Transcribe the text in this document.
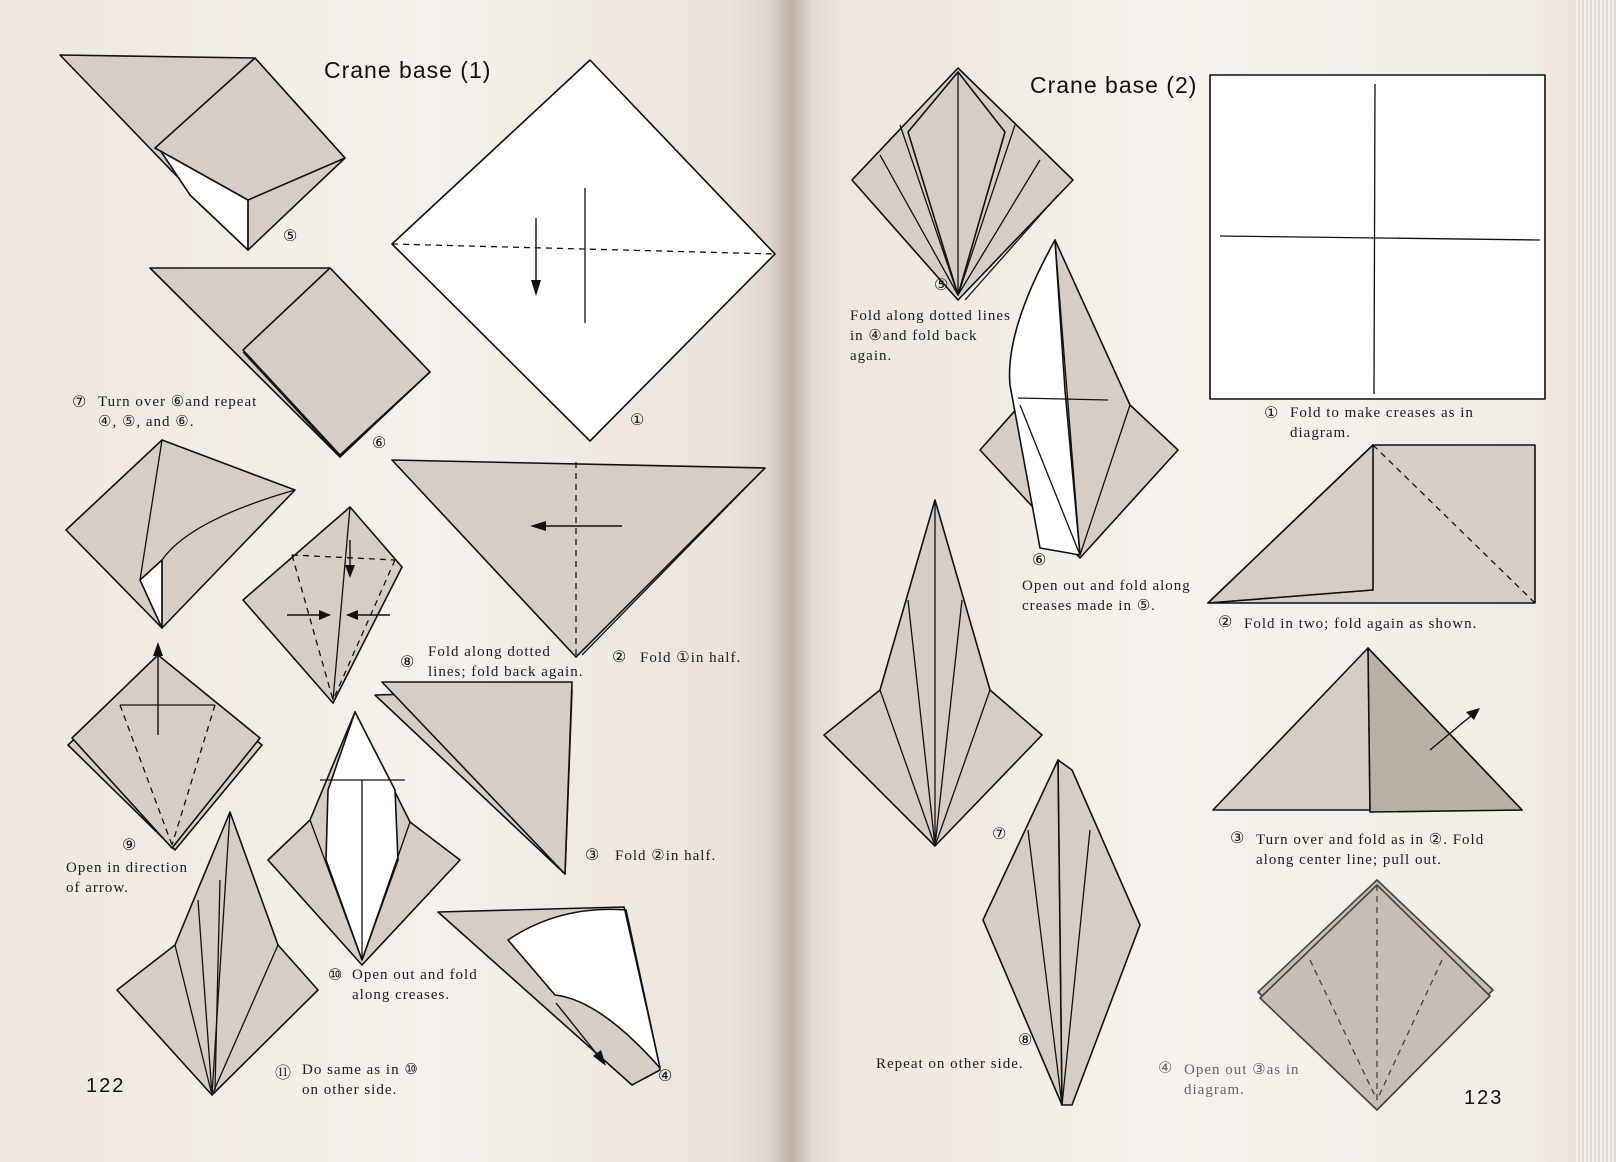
Crane base (1)
⑤
①
⑥
⑦ Turn over ⑥and repeat
④, ⑤, and ⑥.
⑧
Fold along dotted
lines; fold back again.
② Fold ①in half.
⑨
Open in direction
of arrow.
③ Fold ②in half.
⑩ Open out and fold
along creases.
④
⑪ Do same as in ⑩
on other side.
122
Crane base (2)
① Fold to make creases as in
diagram.
⑤
Fold along dotted lines
in ④and fold back
again.
⑥
Open out and fold along
creases made in ⑤.
② Fold in two; fold again as shown.
⑦	③ Turn over and fold as in ②. Fold
along center line; pull out.
⑧
Repeat on other side.	④ Open out ③as in
diagram.	123
